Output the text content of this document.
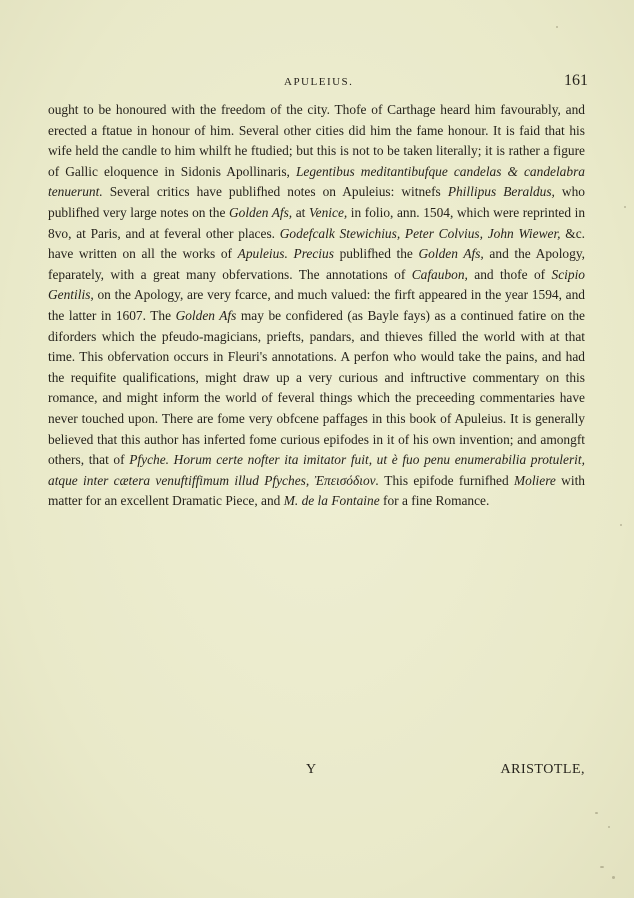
APULEIUS.	161

ought to be honoured with the freedom of the city. Thofe of Carthage heard him favourably, and erected a ftatue in honour of him. Several other cities did him the fame honour. It is faid that his wife held the candle to him whilft he ftudied; but this is not to be taken literally; it is rather a figure of Gallic eloquence in Sidonis Apollinaris, Legentibus meditantibufque candelas & candelabra tenuerunt. Several critics have publifhed notes on Apuleius: witnefs Phillipus Beraldus, who publifhed very large notes on the Golden Afs, at Venice, in folio, ann. 1504, which were reprinted in 8vo, at Paris, and at feveral other places. Godefcalk Stewichius, Peter Colvius, John Wiewer, &c. have written on all the works of Apuleius. Precius publifhed the Golden Afs, and the Apology, feparately, with a great many obfervations. The annotations of Cafaubon, and thofe of Scipio Gentilis, on the Apology, are very fcarce, and much valued: the firft appeared in the year 1594, and the latter in 1607. The Golden Afs may be confidered (as Bayle fays) as a continued fatire on the diforders which the pfeudo-magicians, priefts, pandars, and thieves filled the world with at that time. This obfervation occurs in Fleuri's annotations. A perfon who would take the pains, and had the requifite qualifications, might draw up a very curious and inftructive commentary on this romance, and might inform the world of feveral things which the preceeding commentaries have never touched upon. There are fome very obfcene paffages in this book of Apuleius. It is generally believed that this author has inferted fome curious epifodes in it of his own invention; and amongft others, that of Pfyche. Horum certe nofter ita imitator fuit, ut è fuo penu enumerabilia protulerit, atque inter cætera venuftiffimum illud Pfyches, Ἐπεισόδιον. This epifode furnifhed Moliere with matter for an excellent Dramatic Piece, and M. de la Fontaine for a fine Romance.

Y	ARISTOTLE,
